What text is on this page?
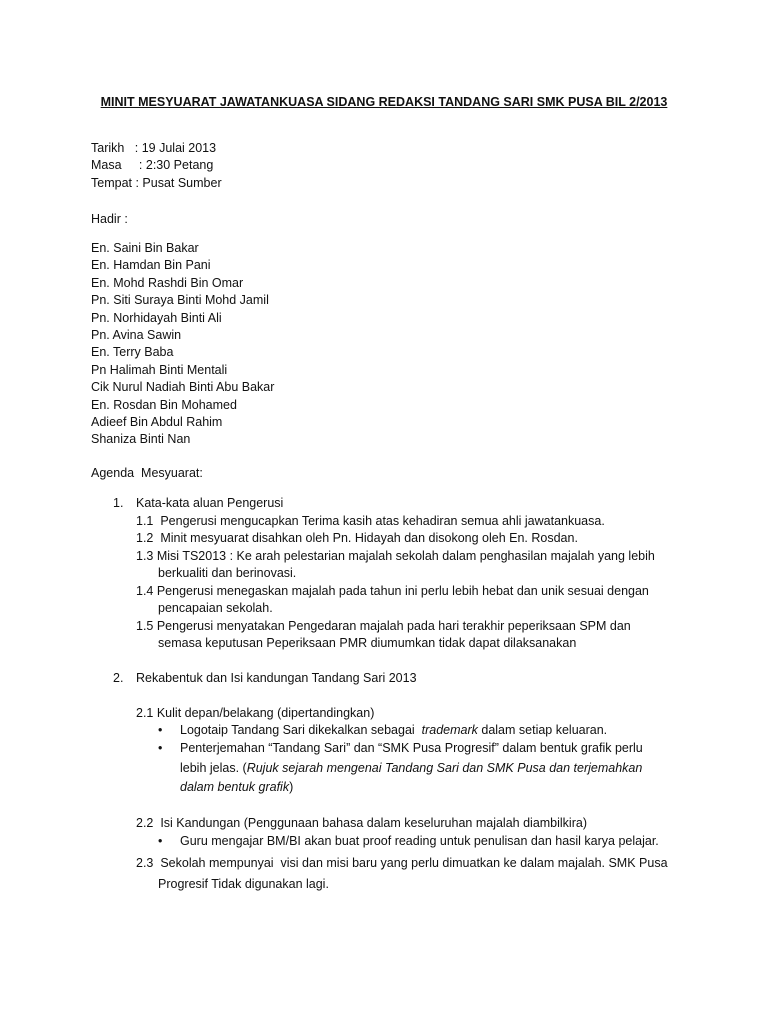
MINIT MESYUARAT JAWATANKUASA SIDANG REDAKSI TANDANG SARI SMK PUSA BIL 2/2013
Tarikh   : 19 Julai 2013
Masa     : 2:30 Petang
Tempat : Pusat Sumber
Hadir :
En. Saini Bin Bakar
En. Hamdan Bin Pani
En. Mohd Rashdi Bin Omar
Pn. Siti Suraya Binti Mohd Jamil
Pn. Norhidayah Binti Ali
Pn. Avina Sawin
En. Terry Baba
Pn Halimah Binti Mentali
Cik Nurul Nadiah Binti Abu Bakar
En. Rosdan Bin Mohamed
Adieef Bin Abdul Rahim
Shaniza Binti Nan
Agenda  Mesyuarat:
1. Kata-kata aluan Pengerusi
1.1  Pengerusi mengucapkan Terima kasih atas kehadiran semua ahli jawatankuasa.
1.2  Minit mesyuarat disahkan oleh Pn. Hidayah dan disokong oleh En. Rosdan.
1.3 Misi TS2013 : Ke arah pelestarian majalah sekolah dalam penghasilan majalah yang lebih
berkualiti dan berinovasi.
1.4 Pengerusi menegaskan majalah pada tahun ini perlu lebih hebat dan unik sesuai dengan
pencapaian sekolah.
1.5 Pengerusi menyatakan Pengedaran majalah pada hari terakhir peperiksaan SPM dan
semasa keputusan Peperiksaan PMR diumumkan tidak dapat dilaksanakan
2. Rekabentuk dan Isi kandungan Tandang Sari 2013
2.1 Kulit depan/belakang (dipertandingkan)
• Logotaip Tandang Sari dikekalkan sebagai  trademark dalam setiap keluaran.
• Penterjemahan “Tandang Sari” dan “SMK Pusa Progresif” dalam bentuk grafik perlu
lebih jelas. (Rujuk sejarah mengenai Tandang Sari dan SMK Pusa dan terjemahkan
dalam bentuk grafik)
2.2  Isi Kandungan (Penggunaan bahasa dalam keseluruhan majalah diambilkira)
• Guru mengajar BM/BI akan buat proof reading untuk penulisan dan hasil karya pelajar.
2.3  Sekolah mempunyai  visi dan misi baru yang perlu dimuatkan ke dalam majalah. SMK Pusa
Progresif Tidak digunakan lagi.
